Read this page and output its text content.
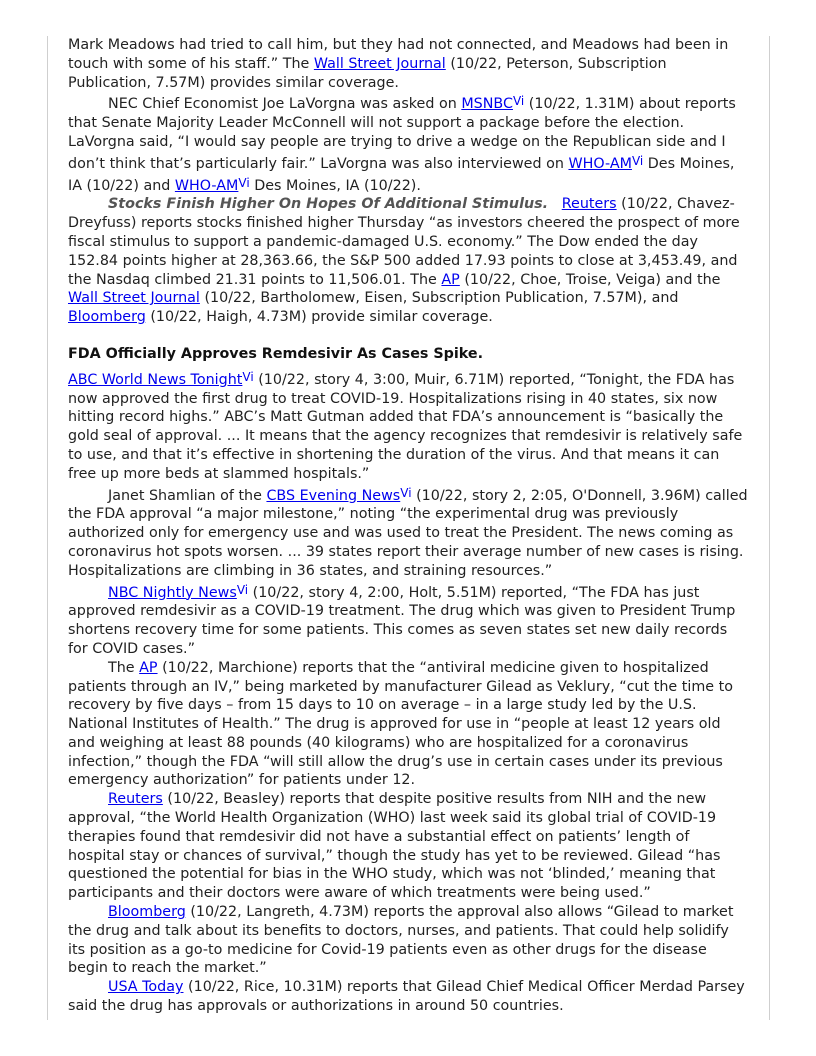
Mark Meadows had tried to call him, but they had not connected, and Meadows had been in touch with some of his staff.” The Wall Street Journal (10/22, Peterson, Subscription Publication, 7.57M) provides similar coverage.

NEC Chief Economist Joe LaVorgna was asked on $MSNBC^{Vi}$ (10/22, 1.31M) about reports that Senate Majority Leader McConnell will not support a package before the election. LaVorgna said, “I would say people are trying to drive a wedge on the Republican side and I don’t think that’s particularly fair.” LaVorgna was also interviewed on WHO-$AM^{Vi}$ Des Moines, IA (10/22) and WHO-$AM^{Vi}$ Des Moines, IA (10/22).

Stocks Finish Higher On Hopes Of Additional Stimulus. Reuters (10/22, Chavez-Dreyfuss) reports stocks finished higher Thursday “as investors cheered the prospect of more fiscal stimulus to support a pandemic-damaged U.S. economy.” The Dow ended the day 152.84 points higher at 28,363.66, the S&P 500 added 17.93 points to close at 3,453.49, and the Nasdaq climbed 21.31 points to 11,506.01. The AP (10/22, Choe, Troise, Veiga) and the Wall Street Journal (10/22, Bartholomew, Eisen, Subscription Publication, 7.57M), and Bloomberg (10/22, Haigh, 4.73M) provide similar coverage.

FDA Officially Approves Remdesivir As Cases Spike.

ABC World News Tonight$^{Vi}$ (10/22, story 4, 3:00, Muir, 6.71M) reported, “Tonight, the FDA has now approved the first drug to treat COVID-19. Hospitalizations rising in 40 states, six now hitting record highs.” ABC’s Matt Gutman added that FDA’s announcement is “basically the gold seal of approval. ... It means that the agency recognizes that remdesivir is relatively safe to use, and that it’s effective in shortening the duration of the virus. And that means it can free up more beds at slammed hospitals.”

Janet Shamlian of the CBS Evening News$^{Vi}$ (10/22, story 2, 2:05, O'Donnell, 3.96M) called the FDA approval “a major milestone,” noting “the experimental drug was previously authorized only for emergency use and was used to treat the President. The news coming as coronavirus hot spots worsen. ... 39 states report their average number of new cases is rising. Hospitalizations are climbing in 36 states, and straining resources.”

NBC Nightly News$^{Vi}$ (10/22, story 4, 2:00, Holt, 5.51M) reported, “The FDA has just approved remdesivir as a COVID-19 treatment. The drug which was given to President Trump shortens recovery time for some patients. This comes as seven states set new daily records for COVID cases.”

The AP (10/22, Marchione) reports that the “antiviral medicine given to hospitalized patients through an IV,” being marketed by manufacturer Gilead as Veklury, “cut the time to recovery by five days – from 15 days to 10 on average – in a large study led by the U.S. National Institutes of Health.” The drug is approved for use in “people at least 12 years old and weighing at least 88 pounds (40 kilograms) who are hospitalized for a coronavirus infection,” though the FDA “will still allow the drug’s use in certain cases under its previous emergency authorization” for patients under 12.

Reuters (10/22, Beasley) reports that despite positive results from NIH and the new approval, “the World Health Organization (WHO) last week said its global trial of COVID-19 therapies found that remdesivir did not have a substantial effect on patients’ length of hospital stay or chances of survival,” though the study has yet to be reviewed. Gilead “has questioned the potential for bias in the WHO study, which was not ‘blinded,’ meaning that participants and their doctors were aware of which treatments were being used.”

Bloomberg (10/22, Langreth, 4.73M) reports the approval also allows “Gilead to market the drug and talk about its benefits to doctors, nurses, and patients. That could help solidify its position as a go-to medicine for Covid-19 patients even as other drugs for the disease begin to reach the market.”

USA Today (10/22, Rice, 10.31M) reports that Gilead Chief Medical Officer Merdad Parsey said the drug has approvals or authorizations in around 50 countries.
